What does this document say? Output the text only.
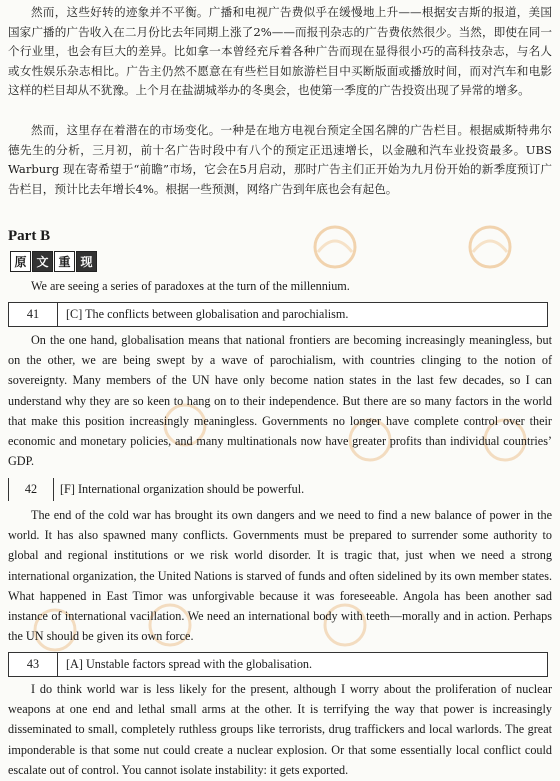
然而，这些好转的迹象并不平衡。广播和电视广告费似乎在缓慢地上升——根据安吉斯的报道，美国国家广播的广告收入在二月份比去年同期上涨了2%——而报刊杂志的广告费依然很少。当然，即使在同一个行业里，也会有巨大的差异。比如拿一本曾经充斥着各种广告而现在显得很小巧的高科技杂志，与名人或女性娱乐杂志相比。广告主仍然不愿意在有些栏目如旅游栏目中买断版面或播放时间，而对汽车和电影这样的栏目却从不犹豫。上个月在盐湖城举办的冬奥会，也使第一季度的广告投资出现了异常的增多。

然而，这里存在着潜在的市场变化。一种是在地方电视台预定全国名牌的广告栏目。根据威斯特弗尔德先生的分析，三月初，前十名广告时段中有八个的预定正迅速增长，以金融和汽车业投资最多。UBS Warburg 现在寄希望于“前瞻”市场，它会在5月启动，那时广告主们正开始为九月份开始的新季度预订广告栏目，预计比去年增长4%。根据一些预测，网络广告到年底也会有起色。

Part B
原 文 重 现

We are seeing a series of paradoxes at the turn of the millennium.

41	[C] The conflicts between globalisation and parochialism.

On the one hand, globalisation means that national frontiers are becoming increasingly meaningless, but on the other, we are being swept by a wave of parochialism, with countries clinging to the notion of sovereignty. Many members of the UN have only become nation states in the last few decades, so I can understand why they are so keen to hang on to their independence. But there are so many factors in the world that make this position increasingly meaningless. Governments no longer have complete control over their economic and monetary policies, and many multinationals now have greater profits than individual countries’ GDP.

42	[F] International organization should be powerful.

The end of the cold war has brought its own dangers and we need to find a new balance of power in the world. It has also spawned many conflicts. Governments must be prepared to surrender some authority to global and regional institutions or we risk world disorder. It is tragic that, just when we need a strong international organization, the United Nations is starved of funds and often sidelined by its own member states. What happened in East Timor was unforgivable because it was foreseeable. Angola has been another sad instance of international vacillation. We need an international body with teeth—morally and in action. Perhaps the UN should be given its own force.

43	[A] Unstable factors spread with the globalisation.

I do think world war is less likely for the present, although I worry about the proliferation of nuclear weapons at one end and lethal small arms at the other. It is terrifying the way that power is increasingly disseminated to small, completely ruthless groups like terrorists, drug traffickers and local warlords. The great imponderable is that some nut could create a nuclear explosion. Or that some essentially local conflict could escalate out of control. You cannot isolate instability: it gets exported.
